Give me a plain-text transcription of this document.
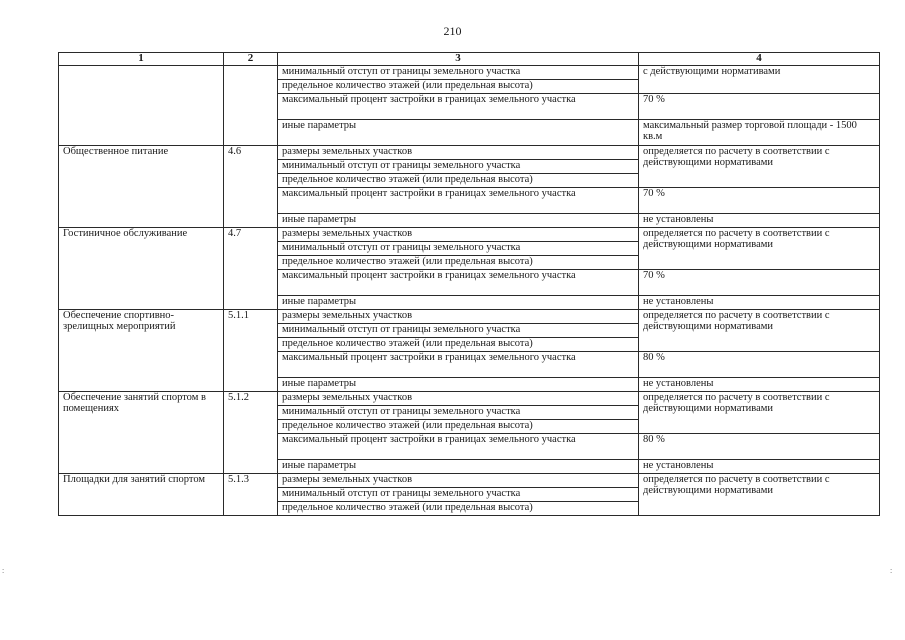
210
1	2	3	4
		минимальный отступ от границы земельного участка	с действующими нормативами
		предельное количество этажей (или предельная высота)	
		максимальный процент застройки в границах земельного участка	70 %
		иные параметры	максимальный размер торговой площади - 1500 кв.м
Общественное питание	4.6	размеры земельных участков	определяется по расчету в соответствии с действующими нормативами
		минимальный отступ от границы земельного участка	
		предельное количество этажей (или предельная высота)	
		максимальный процент застройки в границах земельного участка	70 %
		иные параметры	не установлены
Гостиничное обслуживание	4.7	размеры земельных участков	определяется по расчету в соответствии с действующими нормативами
		минимальный отступ от границы земельного участка	
		предельное количество этажей (или предельная высота)	
		максимальный процент застройки в границах земельного участка	70 %
		иные параметры	не установлены
Обеспечение спортивно-зрелищных мероприятий	5.1.1	размеры земельных участков	определяется по расчету в соответствии с действующими нормативами
		минимальный отступ от границы земельного участка	
		предельное количество этажей (или предельная высота)	
		максимальный процент застройки в границах земельного участка	80 %
		иные параметры	не установлены
Обеспечение занятий спортом в помещениях	5.1.2	размеры земельных участков	определяется по расчету в соответствии с действующими нормативами
		минимальный отступ от границы земельного участка	
		предельное количество этажей (или предельная высота)	
		максимальный процент застройки в границах земельного участка	80 %
		иные параметры	не установлены
Площадки для занятий спортом	5.1.3	размеры земельных участков	определяется по расчету в соответствии с действующими нормативами
		минимальный отступ от границы земельного участка	
		предельное количество этажей (или предельная высота)	
:	:
